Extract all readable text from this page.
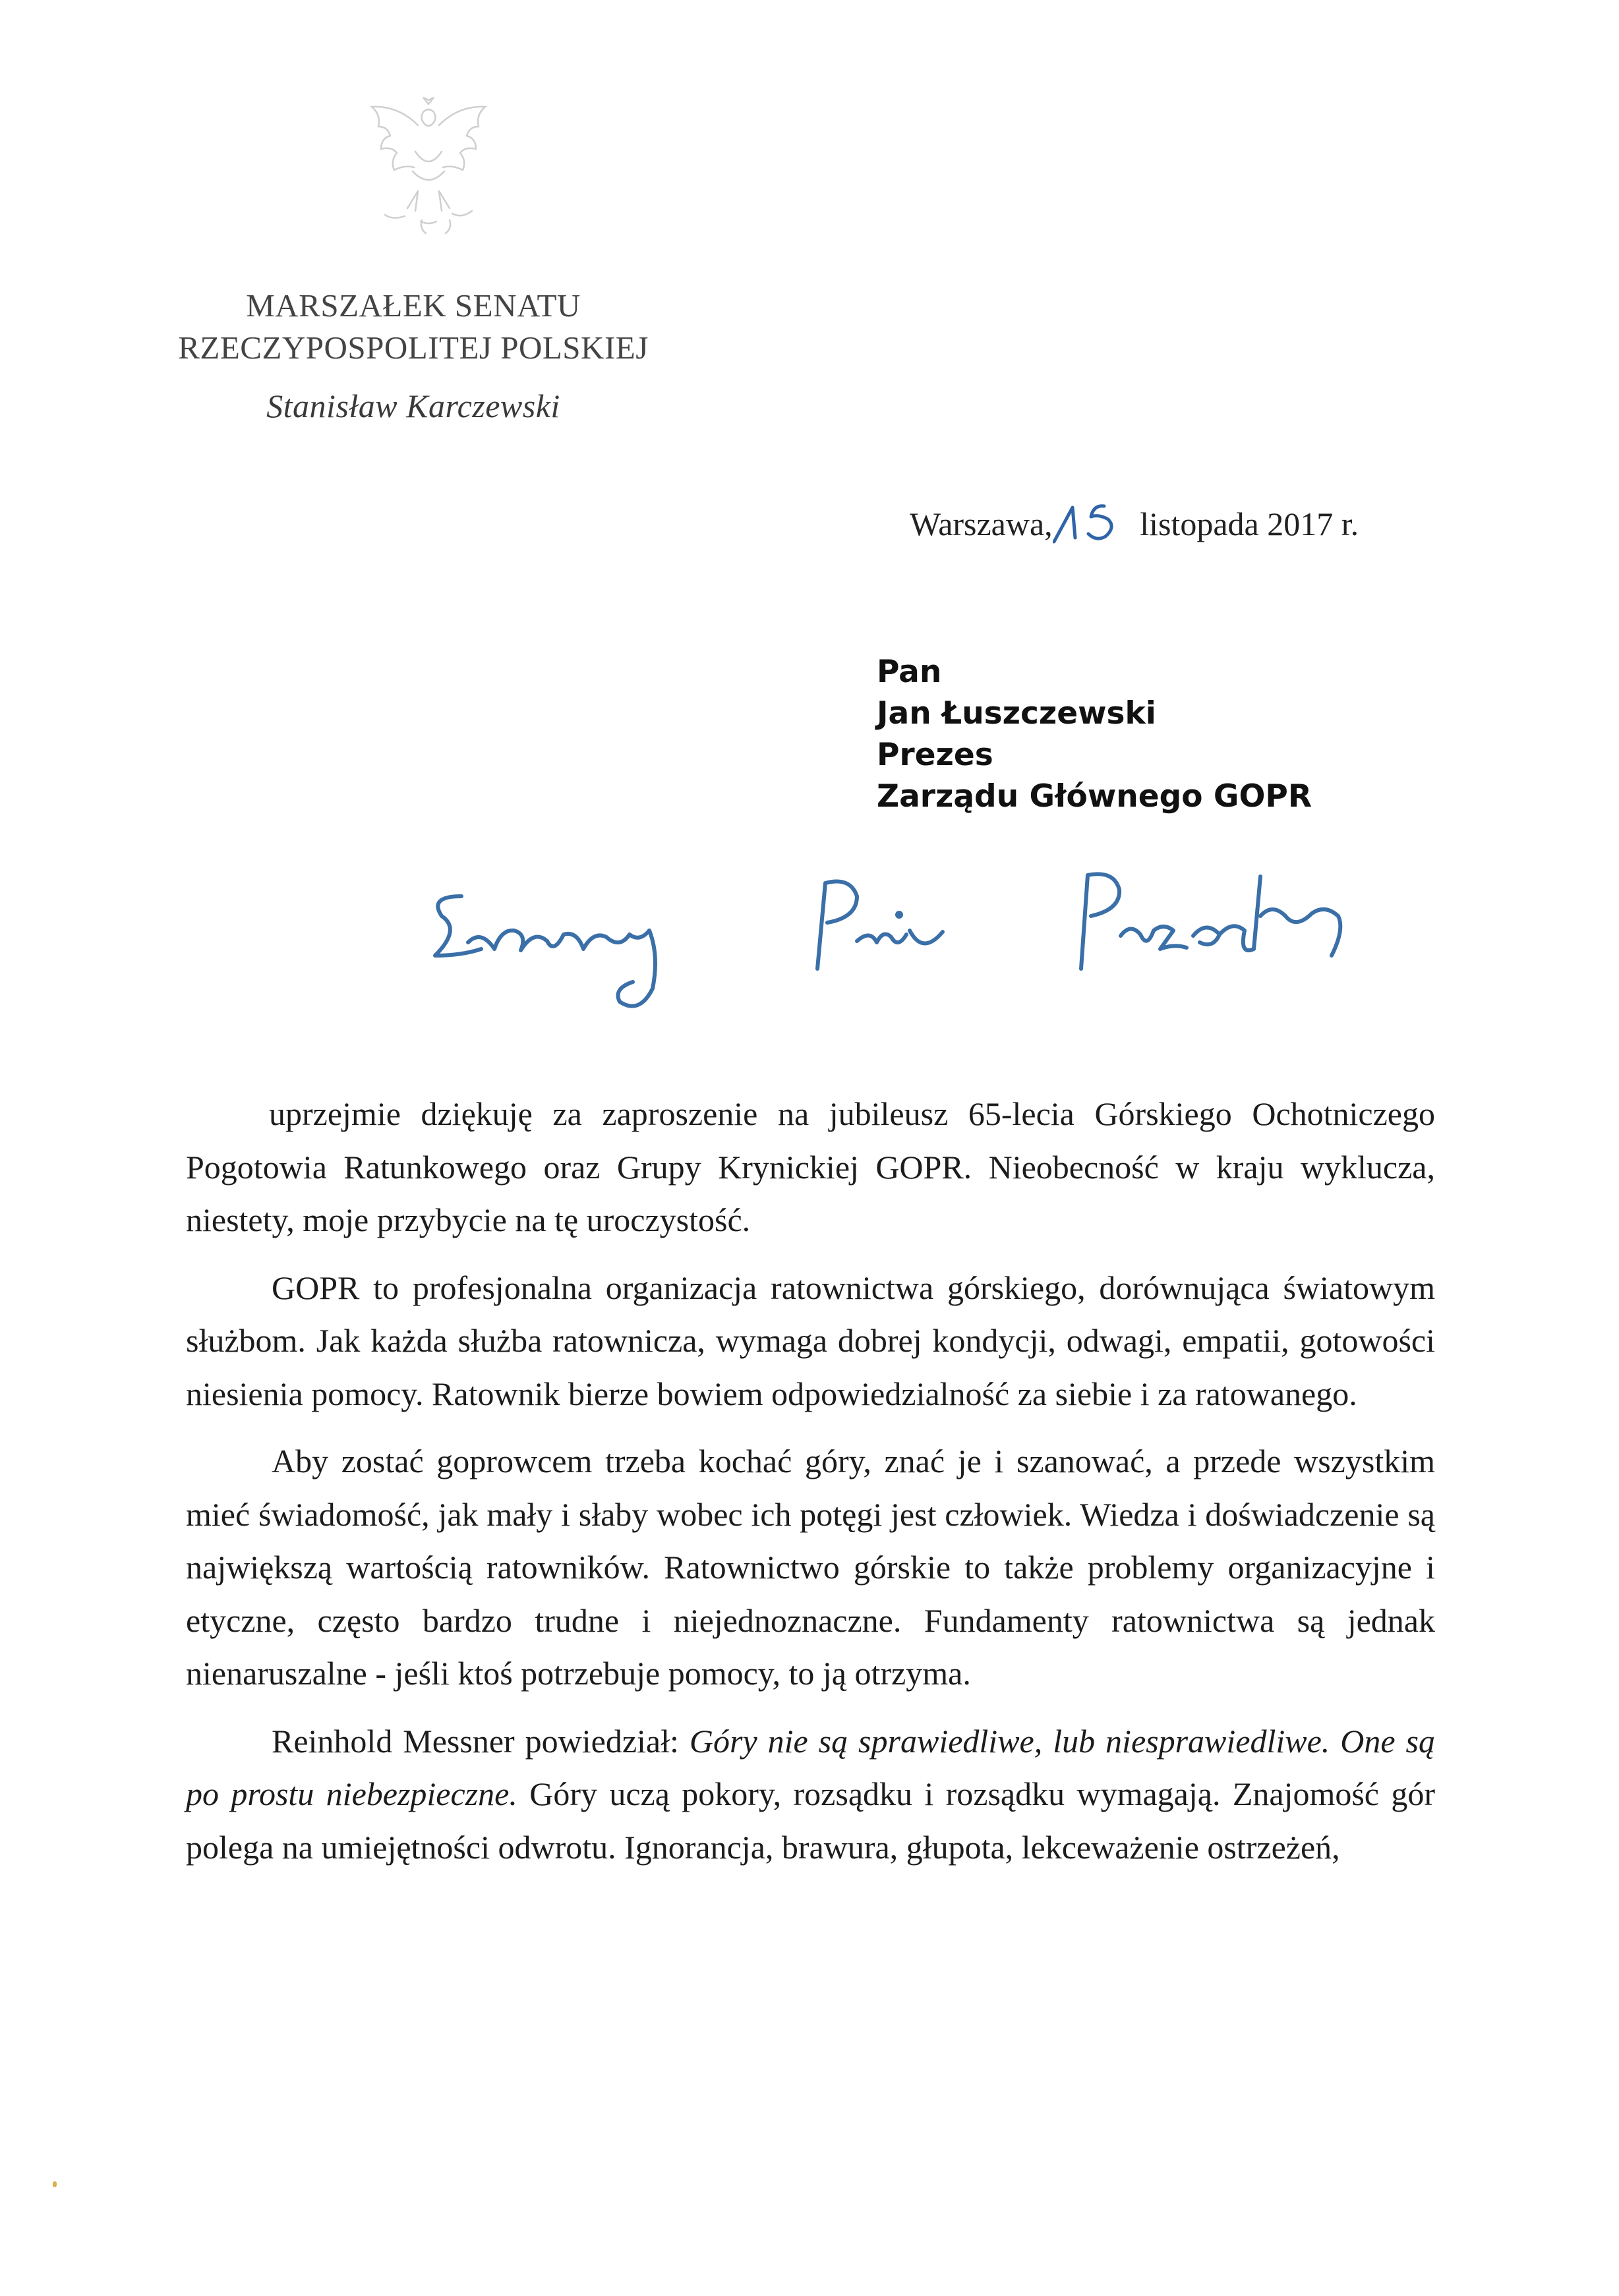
MARSZAŁEK SENATU
RZECZYPOSPOLITEJ POLSKIEJ
Stanisław Karczewski
Warszawa,	listopada 2017 r.
Pan
Jan Łuszczewski
Prezes
Zarządu Głównego GOPR

uprzejmie dziękuję za zaproszenie na jubileusz 65-lecia Górskiego Ochotniczego Pogotowia Ratunkowego oraz Grupy Krynickiej GOPR. Nieobecność w kraju wyklucza, niestety, moje przybycie na tę uroczystość.

GOPR to profesjonalna organizacja ratownictwa górskiego, dorównująca światowym służbom. Jak każda służba ratownicza, wymaga dobrej kondycji, odwagi, empatii, gotowości niesienia pomocy. Ratownik bierze bowiem odpowiedzialność za siebie i za ratowanego.

Aby zostać goprowcem trzeba kochać góry, znać je i szanować, a przede wszystkim mieć świadomość, jak mały i słaby wobec ich potęgi jest człowiek. Wiedza i doświadczenie są największą wartością ratowników. Ratownictwo górskie to także problemy organizacyjne i etyczne, często bardzo trudne i niejednoznaczne. Fundamenty ratownictwa są jednak nienaruszalne - jeśli ktoś potrzebuje pomocy, to ją otrzyma.

Reinhold Messner powiedział: Góry nie są sprawiedliwe, lub niesprawiedliwe. One są po prostu niebezpieczne. Góry uczą pokory, rozsądku i rozsądku wymagają. Znajomość gór polega na umiejętności odwrotu. Ignorancja, brawura, głupota, lekceważenie ostrzeżeń,
